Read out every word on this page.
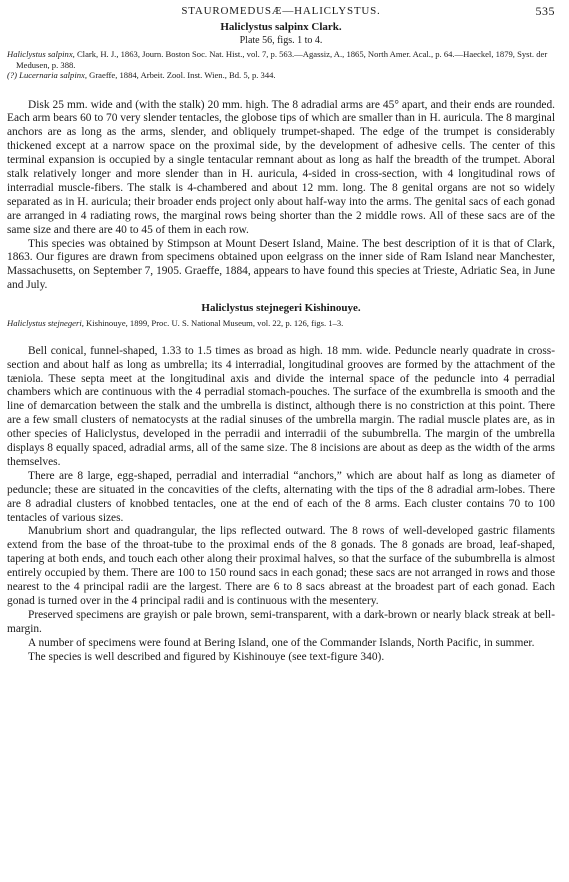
STAUROMEDUSÆ—HALICLYSTUS.	535

Haliclystus salpinx Clark.

Plate 56, figs. 1 to 4.

Haliclystus salpinx, Clark, H. J., 1863, Journ. Boston Soc. Nat. Hist., vol. 7, p. 563.—Agassiz, A., 1865, North Amer. Acal., p. 64.—Haeckel, 1879, Syst. der Medusen, p. 388.

(?) Lucernaria salpinx, Graeffe, 1884, Arbeit. Zool. Inst. Wien., Bd. 5, p. 344.

Disk 25 mm. wide and (with the stalk) 20 mm. high. The 8 adradial arms are 45° apart, and their ends are rounded. Each arm bears 60 to 70 very slender tentacles, the globose tips of which are smaller than in H. auricula. The 8 marginal anchors are as long as the arms, slender, and obliquely trumpet-shaped. The edge of the trumpet is considerably thickened except at a narrow space on the proximal side, by the development of adhesive cells. The center of this terminal expansion is occupied by a single tentacular remnant about as long as half the breadth of the trumpet. Aboral stalk relatively longer and more slender than in H. auricula, 4-sided in cross-section, with 4 longitudinal rows of interradial muscle-fibers. The stalk is 4-chambered and about 12 mm. long. The 8 genital organs are not so widely separated as in H. auricula; their broader ends project only about half-way into the arms. The genital sacs of each gonad are arranged in 4 radiating rows, the marginal rows being shorter than the 2 middle rows. All of these sacs are of the same size and there are 40 to 45 of them in each row.

This species was obtained by Stimpson at Mount Desert Island, Maine. The best description of it is that of Clark, 1863. Our figures are drawn from specimens obtained upon eelgrass on the inner side of Ram Island near Manchester, Massachusetts, on September 7, 1905. Graeffe, 1884, appears to have found this species at Trieste, Adriatic Sea, in June and July.

Haliclystus stejnegeri Kishinouye.

Haliclystus stejnegeri, Kishinouye, 1899, Proc. U. S. National Museum, vol. 22, p. 126, figs. 1–3.

Bell conical, funnel-shaped, 1.33 to 1.5 times as broad as high. 18 mm. wide. Peduncle nearly quadrate in cross-section and about half as long as umbrella; its 4 interradial, longitudinal grooves are formed by the attachment of the tæniola. These septa meet at the longitudinal axis and divide the internal space of the peduncle into 4 perradial chambers which are continuous with the 4 perradial stomach-pouches. The surface of the exumbrella is smooth and the line of demarcation between the stalk and the umbrella is distinct, although there is no constriction at this point. There are a few small clusters of nematocysts at the radial sinuses of the umbrella margin. The radial muscle plates are, as in other species of Haliclystus, developed in the perradii and interradii of the subumbrella. The margin of the umbrella displays 8 equally spaced, adradial arms, all of the same size. The 8 incisions are about as deep as the width of the arms themselves.

There are 8 large, egg-shaped, perradial and interradial “anchors,” which are about half as long as diameter of peduncle; these are situated in the concavities of the clefts, alternating with the tips of the 8 adradial arm-lobes. There are 8 adradial clusters of knobbed tentacles, one at the end of each of the 8 arms. Each cluster contains 70 to 100 tentacles of various sizes.

Manubrium short and quadrangular, the lips reflected outward. The 8 rows of well-developed gastric filaments extend from the base of the throat-tube to the proximal ends of the 8 gonads. The 8 gonads are broad, leaf-shaped, tapering at both ends, and touch each other along their proximal halves, so that the surface of the subumbrella is almost entirely occupied by them. There are 100 to 150 round sacs in each gonad; these sacs are not arranged in rows and those nearest to the 4 principal radii are the largest. There are 6 to 8 sacs abreast at the broadest part of each gonad. Each gonad is turned over in the 4 principal radii and is continuous with the mesentery.

Preserved specimens are grayish or pale brown, semi-transparent, with a dark-brown or nearly black streak at bell-margin.

A number of specimens were found at Bering Island, one of the Commander Islands, North Pacific, in summer.

The species is well described and figured by Kishinouye (see text-figure 340).
